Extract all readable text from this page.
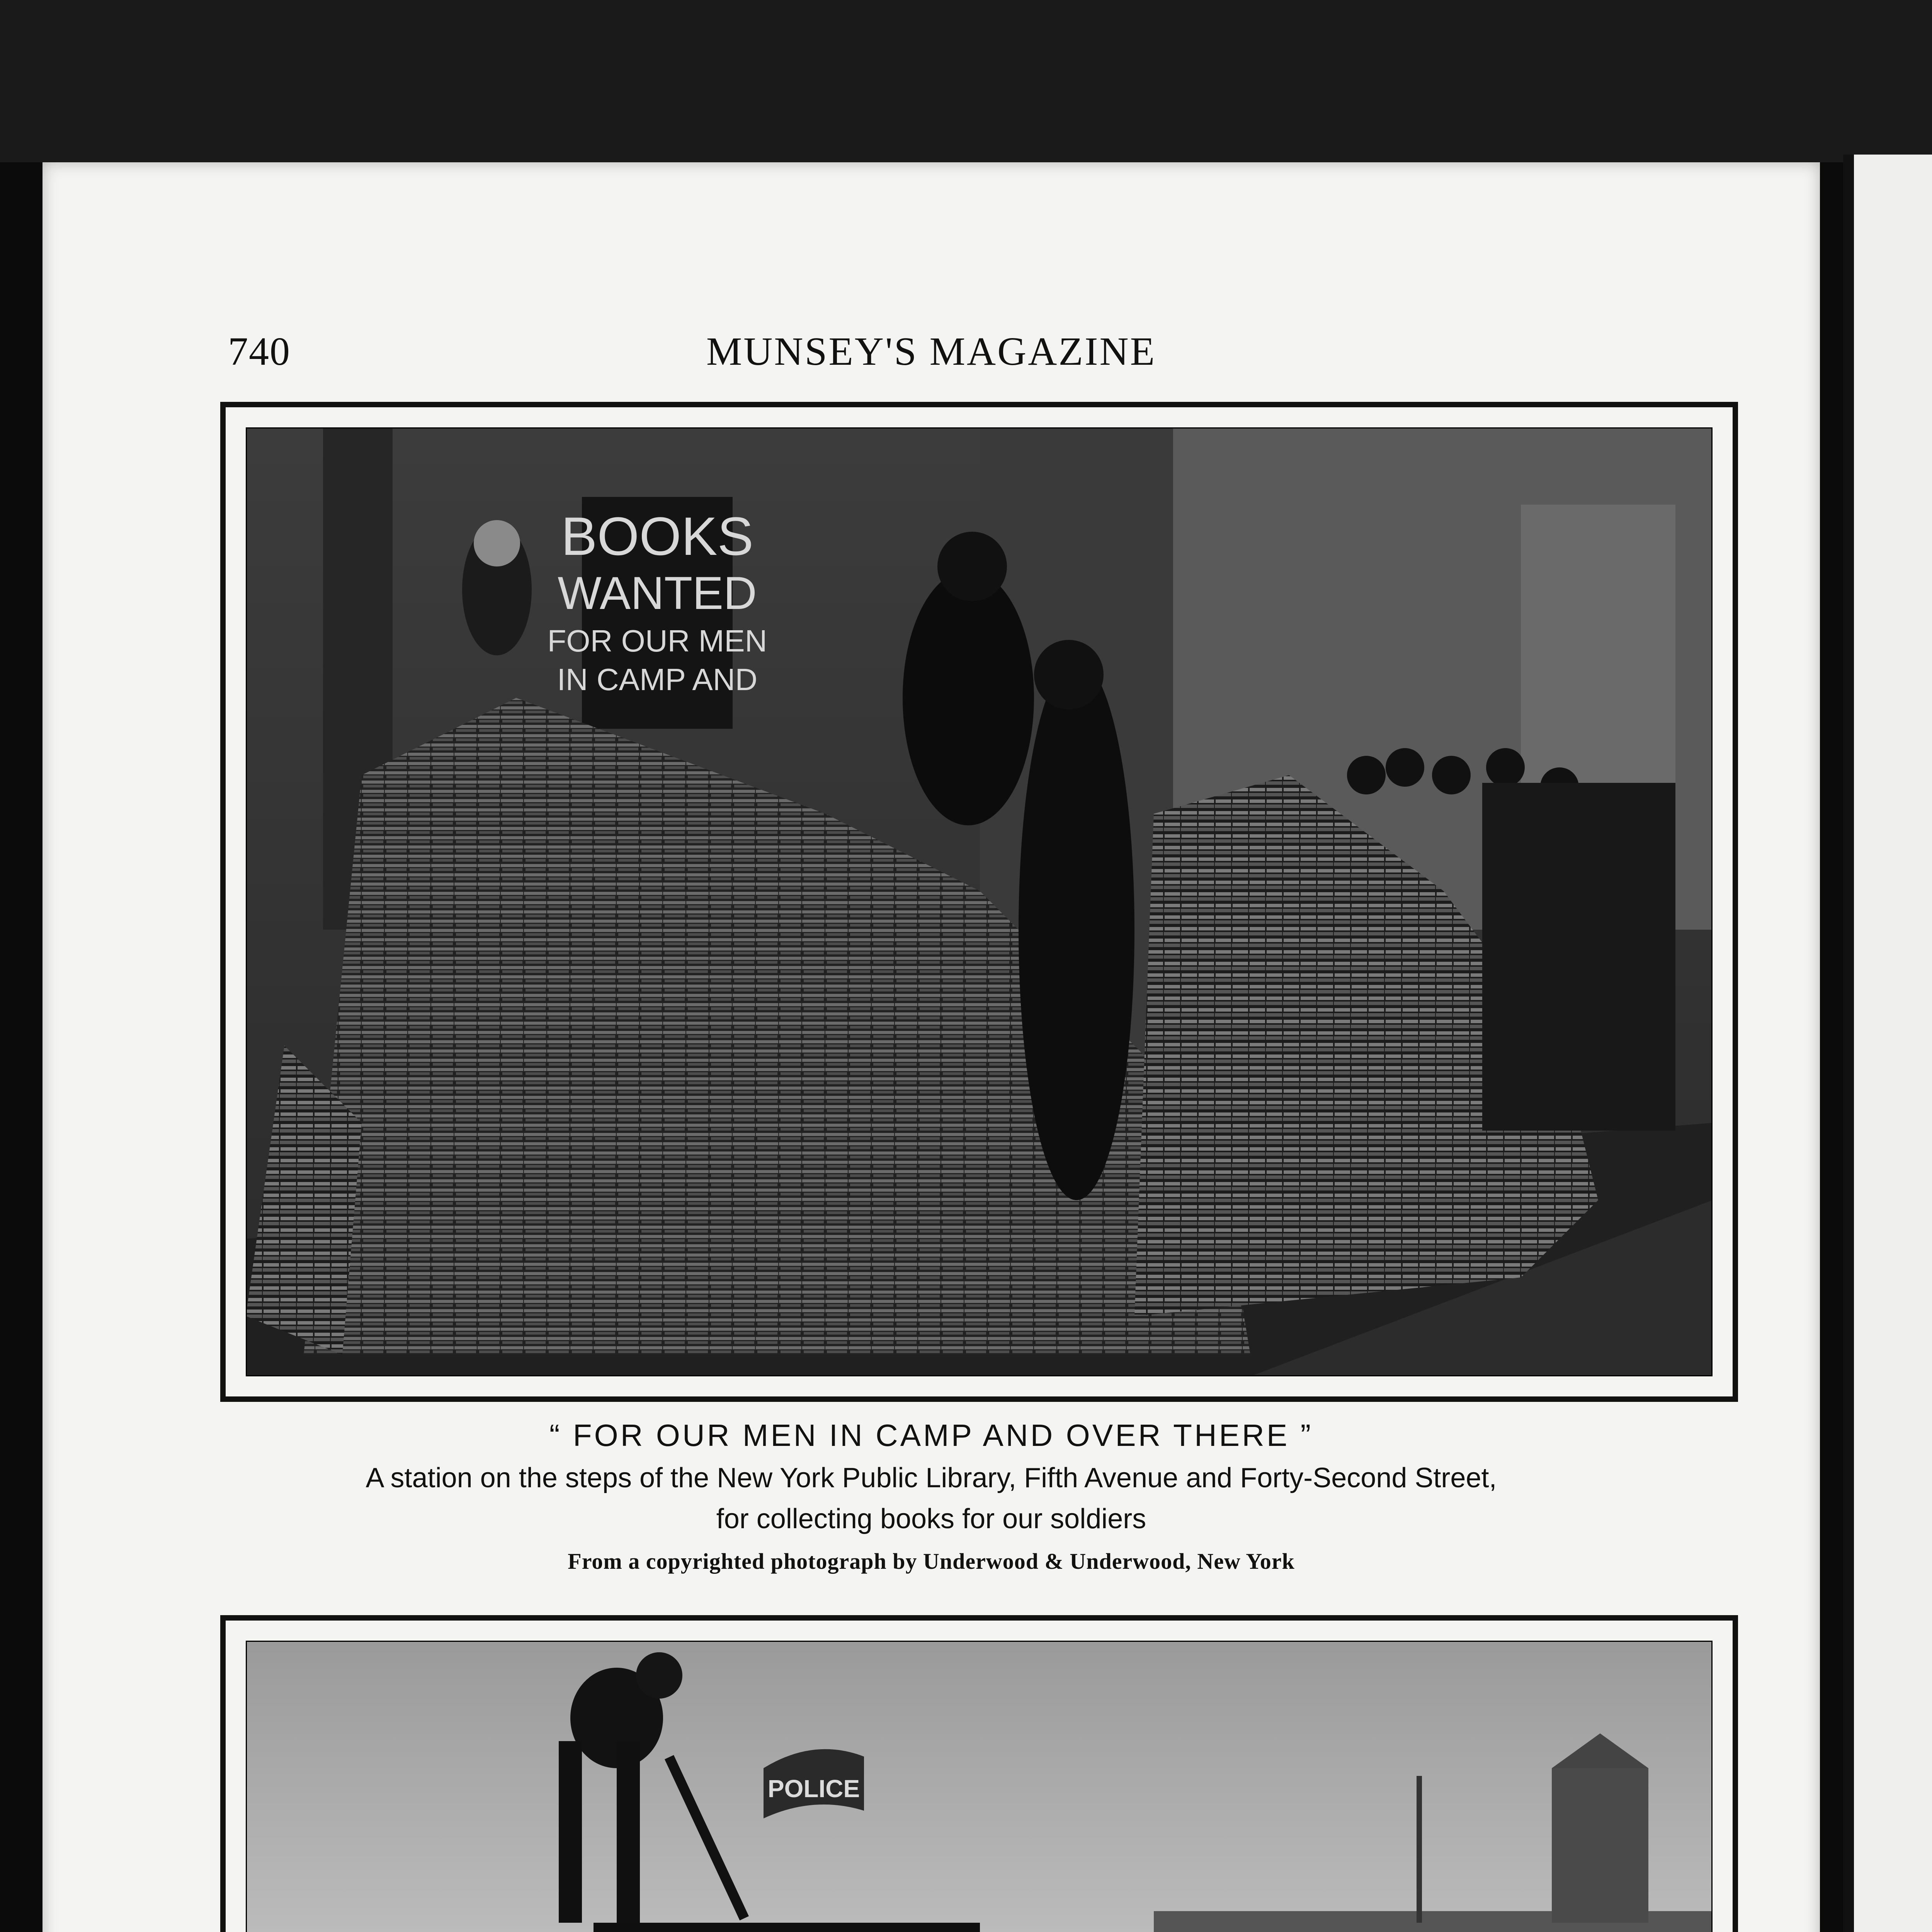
740	MUNSEY'S MAGAZINE
BOOKS
WANTED
FOR OUR MEN
IN CAMP AND
“ FOR OUR MEN IN CAMP AND OVER THERE ”
A station on the steps of the New York Public Library, Fifth Avenue and Forty-Second Street,
for collecting books for our soldiers
From a copyrighted photograph by Underwood & Underwood, New York
POLICE
